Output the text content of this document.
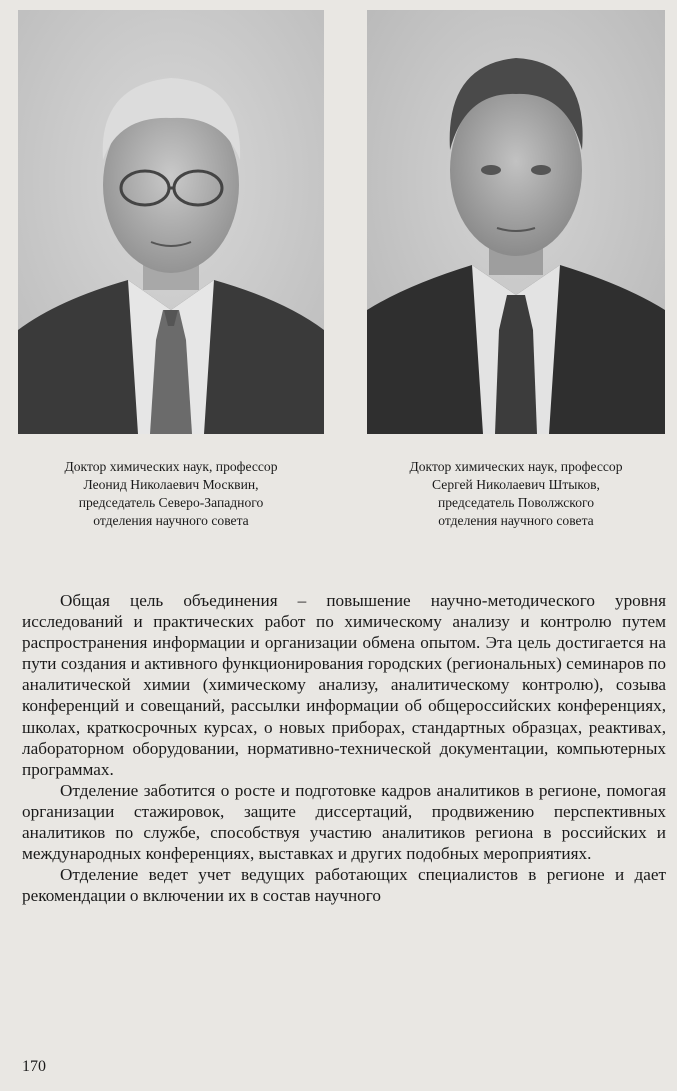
Доктор химических наук, профессор
Леонид Николаевич Москвин,
председатель Северо-Западного
отделения научного совета
Доктор химических наук, профессор
Сергей Николаевич Штыков,
председатель Поволжского
отделения научного совета

Общая цель объединения – повышение научно-методического уровня исследований и практических работ по химическому анализу и контролю путем распространения информации и организации обмена опытом. Эта цель достигается на пути создания и активного функционирования городских (региональных) семинаров по аналитической химии (химическому анализу, аналитическому контролю), созыва конференций и совещаний, рассылки информации об общероссийских конференциях, школах, краткосрочных курсах, о новых приборах, стандартных образцах, реактивах, лабораторном оборудовании, нормативно-технической документации, компьютерных программах.

Отделение заботится о росте и подготовке кадров аналитиков в регионе, помогая организации стажировок, защите диссертаций, продвижению перспективных аналитиков по службе, способствуя участию аналитиков региона в российских и международных конференциях, выставках и других подобных мероприятиях.

Отделение ведет учет ведущих работающих специалистов в регионе и дает рекомендации о включении их в состав научного

170
